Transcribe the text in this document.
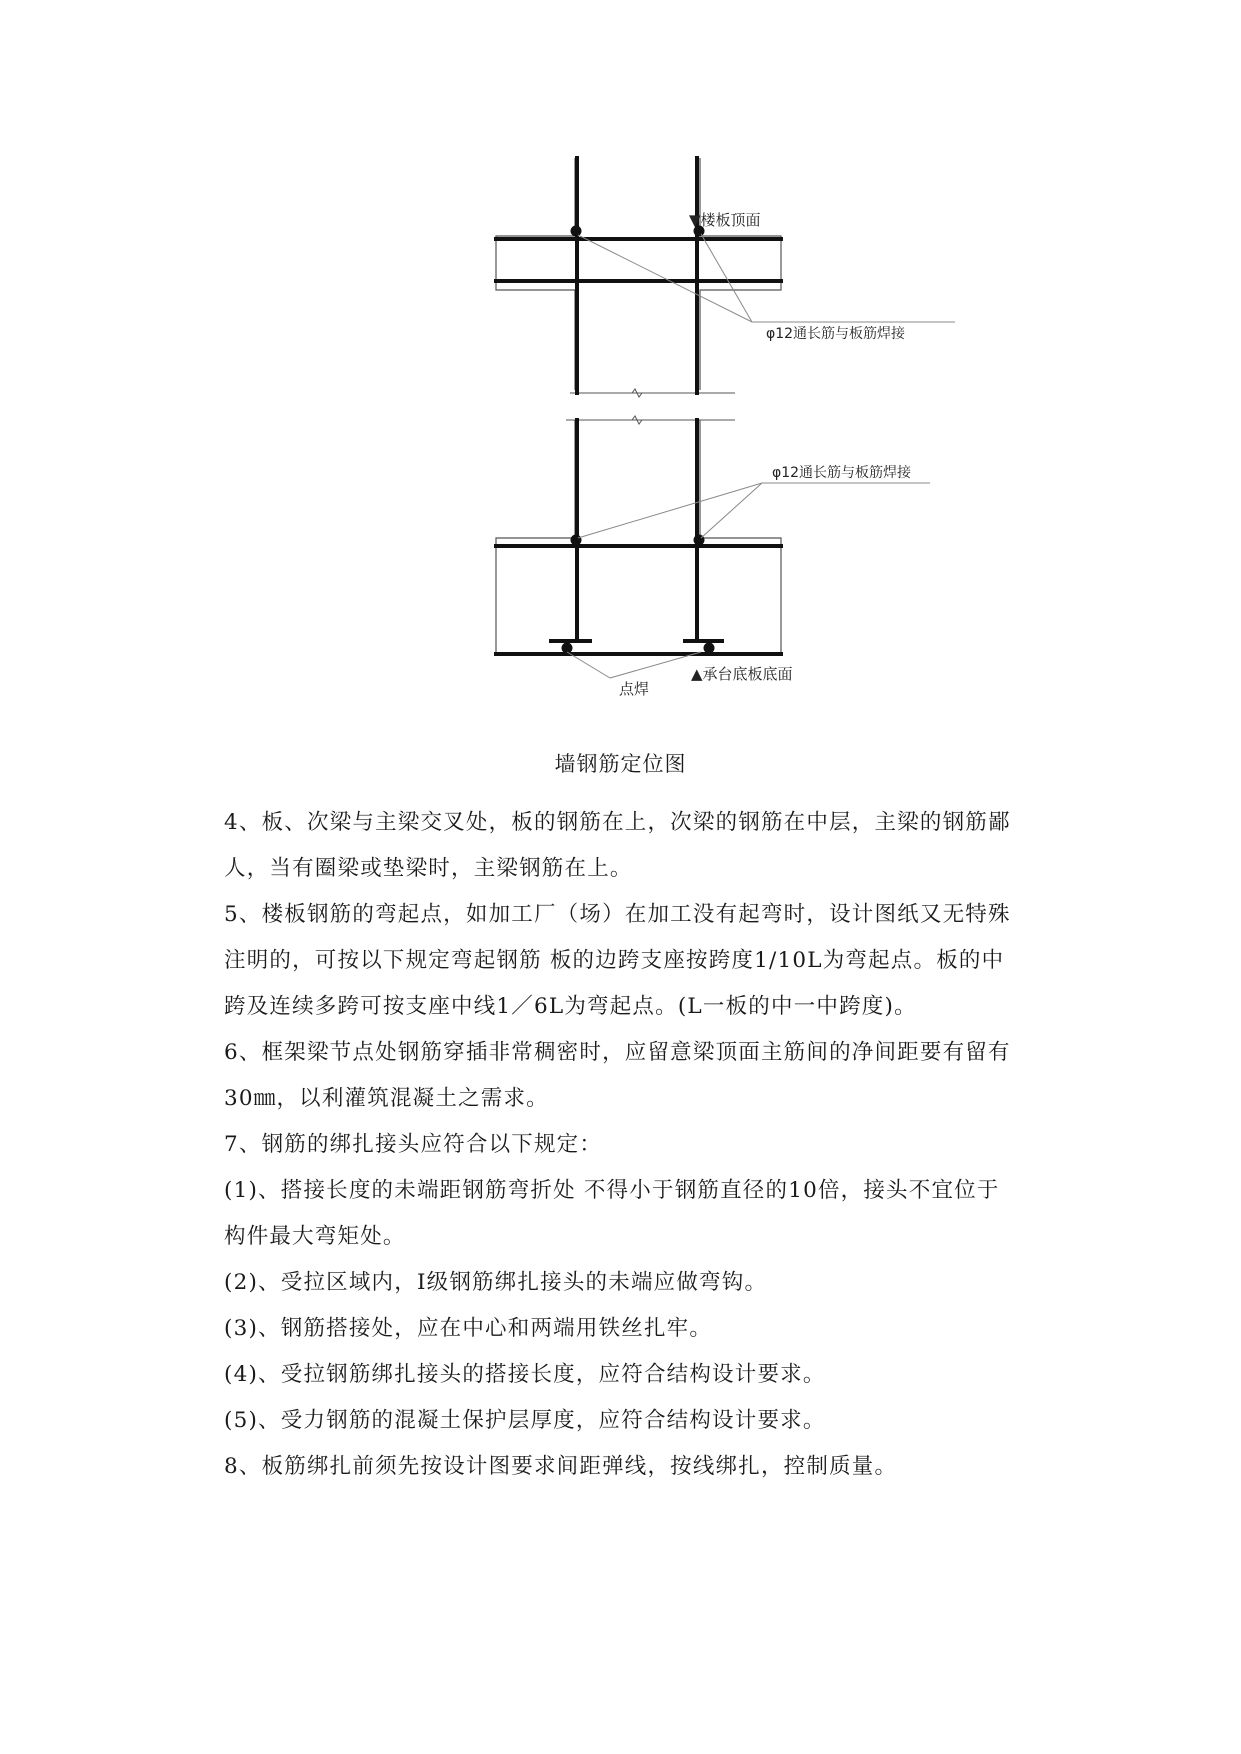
▼楼板顶面
φ12通长筋与板筋焊接
φ12通长筋与板筋焊接
点焊
▲承台底板底面
墙钢筋定位图

4、板、次梁与主梁交叉处，板的钢筋在上，次梁的钢筋在中层，主梁的钢筋鄙

人，当有圈梁或垫梁时，主梁钢筋在上。

5、楼板钢筋的弯起点，如加工厂（场）在加工没有起弯时，设计图纸又无特殊

注明的，可按以下规定弯起钢筋 板的边跨支座按跨度1/10L为弯起点。板的中

跨及连续多跨可按支座中线1／6L为弯起点。(L一板的中一中跨度)。

6、框架梁节点处钢筋穿插非常稠密时，应留意梁顶面主筋间的净间距要有留有

30㎜，以利灌筑混凝土之需求。

7、钢筋的绑扎接头应符合以下规定：

(1)、搭接长度的未端距钢筋弯折处 不得小于钢筋直径的10倍，接头不宜位于

构件最大弯矩处。

(2)、受拉区域内，Ⅰ级钢筋绑扎接头的未端应做弯钩。

(3)、钢筋搭接处，应在中心和两端用铁丝扎牢。

(4)、受拉钢筋绑扎接头的搭接长度，应符合结构设计要求。

(5)、受力钢筋的混凝土保护层厚度，应符合结构设计要求。

8、板筋绑扎前须先按设计图要求间距弹线，按线绑扎，控制质量。
